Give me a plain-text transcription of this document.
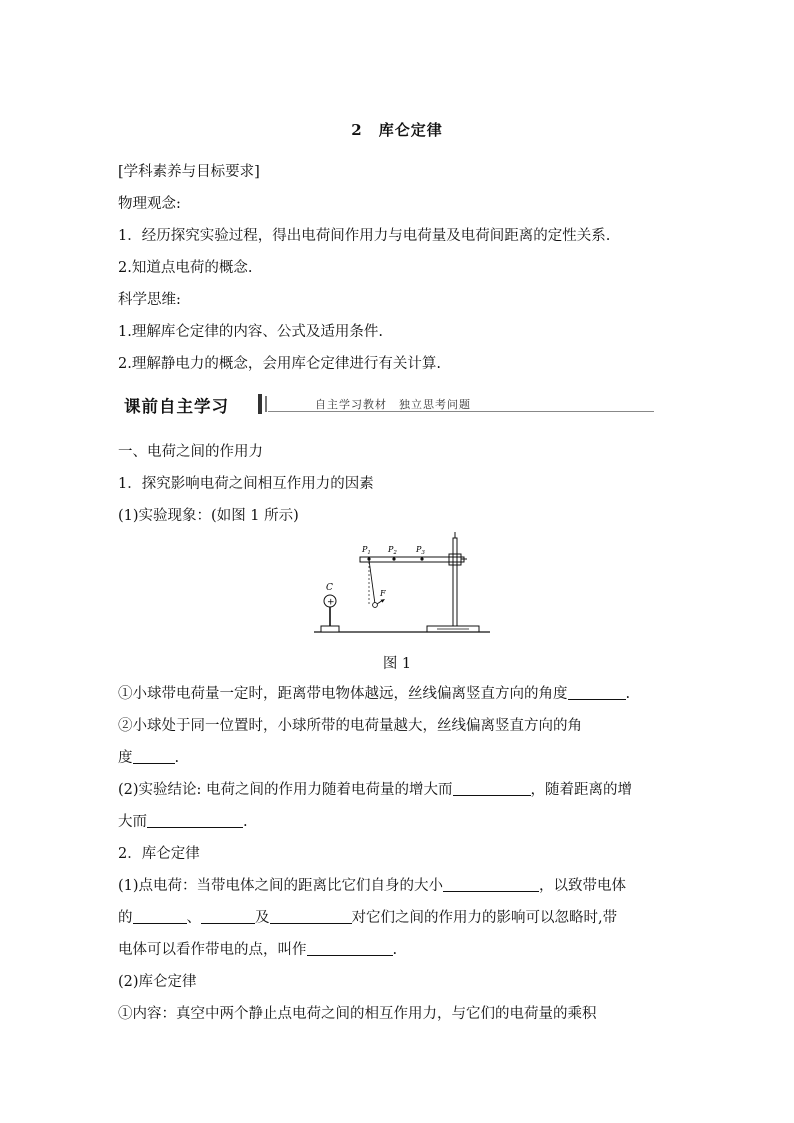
2　库仑定律
[学科素养与目标要求]
物理观念:
1．经历探究实验过程，得出电荷间作用力与电荷量及电荷间距离的定性关系.
2.知道点电荷的概念.
科学思维:
1.理解库仑定律的内容、公式及适用条件.
2.理解静电力的概念，会用库仑定律进行有关计算.
课前自主学习	自主学习教材　独立思考问题
一、电荷之间的作用力
1．探究影响电荷之间相互作用力的因素
(1)实验现象：(如图 1 所示)
$P_1$ $P_2$ $P_3$
F
C
+
图 1
①小球带电荷量一定时，距离带电物体越远，丝线偏离竖直方向的角度	.
②小球处于同一位置时，小球所带的电荷量越大，丝线偏离竖直方向的角
度	.
(2)实验结论: 电荷之间的作用力随着电荷量的增大而	，随着距离的增
大而	.
2．库仑定律
(1)点电荷：当带电体之间的距离比它们自身的大小	，以致带电体
的	、	及	对它们之间的作用力的影响可以忽略时,带
电体可以看作带电的点，叫作	.
(2)库仑定律
①内容：真空中两个静止点电荷之间的相互作用力，与它们的电荷量的乘积
